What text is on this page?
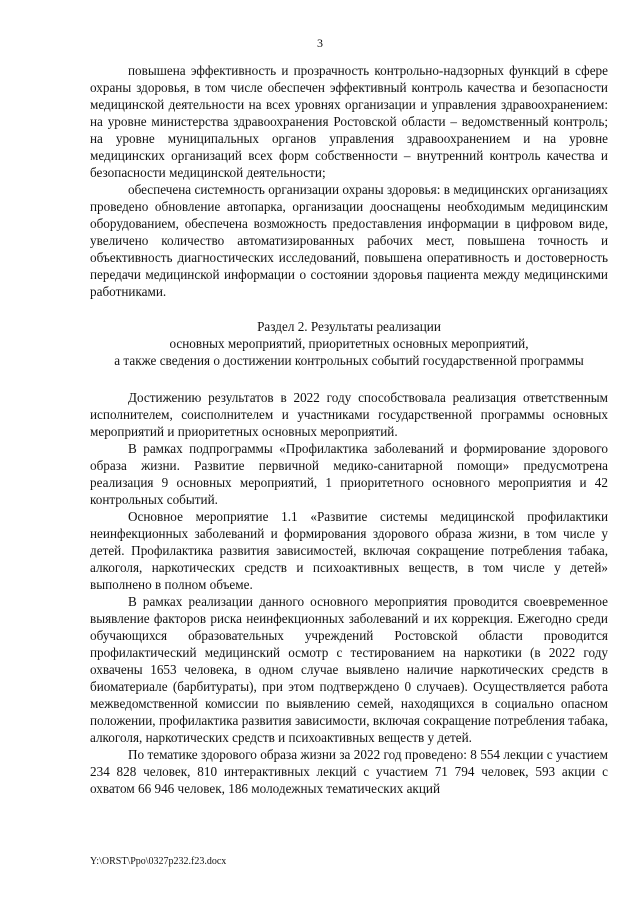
3

повышена эффективность и прозрачность контрольно-надзорных функций в сфере охраны здоровья, в том числе обеспечен эффективный контроль качества и безопасности медицинской деятельности на всех уровнях организации и управления здравоохранением: на уровне министерства здравоохранения Ростовской области – ведомственный контроль; на уровне муниципальных органов управления здравоохранением и на уровне медицинских организаций всех форм собственности – внутренний контроль качества и безопасности медицинской деятельности;

обеспечена системность организации охраны здоровья: в медицинских организациях проведено обновление автопарка, организации дооснащены необходимым медицинским оборудованием, обеспечена возможность предоставления информации в цифровом виде, увеличено количество автоматизированных рабочих мест, повышена точность и объективность диагностических исследований, повышена оперативность и достоверность передачи медицинской информации о состоянии здоровья пациента между медицинскими работниками.

Раздел 2. Результаты реализации
основных мероприятий, приоритетных основных мероприятий,
а также сведения о достижении контрольных событий государственной программы

Достижению результатов в 2022 году способствовала реализация ответственным исполнителем, соисполнителем и участниками государственной программы основных мероприятий и приоритетных основных мероприятий.

В рамках подпрограммы «Профилактика заболеваний и формирование здорового образа жизни. Развитие первичной медико-санитарной помощи» предусмотрена реализация 9 основных мероприятий, 1 приоритетного основного мероприятия и 42 контрольных событий.

Основное мероприятие 1.1 «Развитие системы медицинской профилактики неинфекционных заболеваний и формирования здорового образа жизни, в том числе у детей. Профилактика развития зависимостей, включая сокращение потребления табака, алкоголя, наркотических средств и психоактивных веществ, в том числе у детей» выполнено в полном объеме.

В рамках реализации данного основного мероприятия проводится своевременное выявление факторов риска неинфекционных заболеваний и их коррекция. Ежегодно среди обучающихся образовательных учреждений Ростовской области проводится профилактический медицинский осмотр с тестированием на наркотики (в 2022 году охвачены 1653 человека, в одном случае выявлено наличие наркотических средств в биоматериале (барбитураты), при этом подтверждено 0 случаев). Осуществляется работа межведомственной комиссии по выявлению семей, находящихся в социально опасном положении, профилактика развития зависимости, включая сокращение потребления табака, алкоголя, наркотических средств и психоактивных веществ у детей.

По тематике здорового образа жизни за 2022 год проведено: 8 554 лекции с участием 234 828 человек, 810 интерактивных лекций с участием 71 794 человек, 593 акции с охватом 66 946 человек, 186 молодежных тематических акций

Y:\ORST\Ppo\0327p232.f23.docx
